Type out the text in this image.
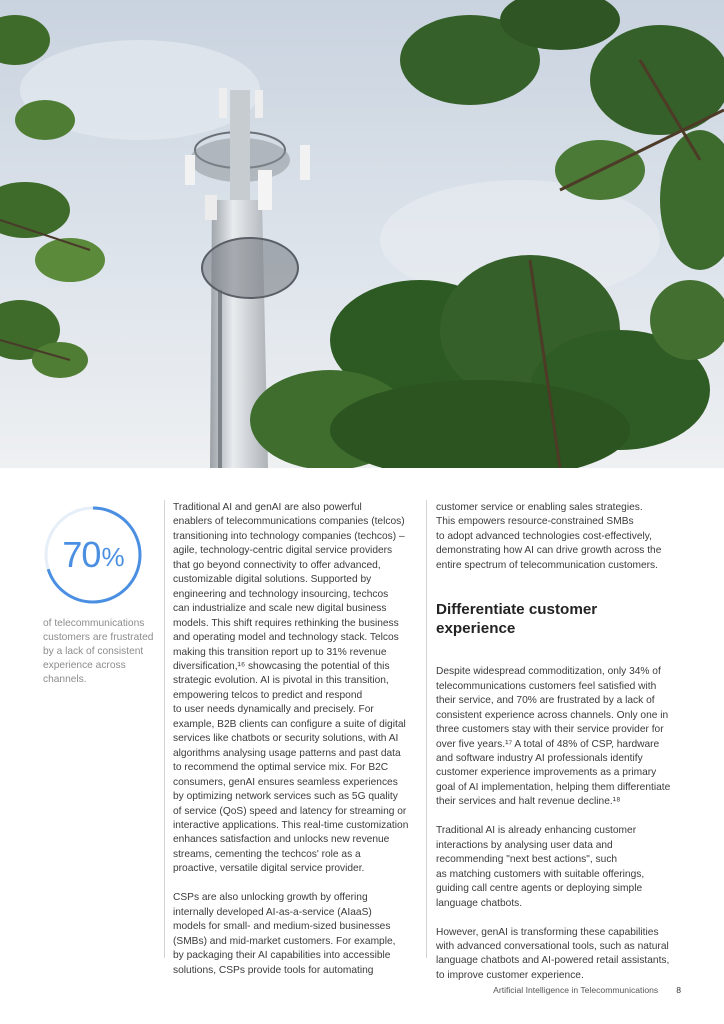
70 %
of telecommunications customers are frustrated by a lack of consistent experience across channels.

Traditional AI and genAI are also powerful
enablers of telecommunications companies (telcos)
transitioning into technology companies (techcos) –
agile, technology-centric digital service providers
that go beyond connectivity to offer advanced,
customizable digital solutions. Supported by
engineering and technology insourcing, techcos
can industrialize and scale new digital business
models. This shift requires rethinking the business
and operating model and technology stack. Telcos
making this transition report up to 31% revenue
diversification,¹⁶ showcasing the potential of this
strategic evolution. AI is pivotal in this transition,
empowering telcos to predict and respond
to user needs dynamically and precisely. For
example, B2B clients can configure a suite of digital
services like chatbots or security solutions, with AI
algorithms analysing usage patterns and past data
to recommend the optimal service mix. For B2C
consumers, genAI ensures seamless experiences
by optimizing network services such as 5G quality
of service (QoS) speed and latency for streaming or
interactive applications. This real-time customization
enhances satisfaction and unlocks new revenue
streams, cementing the techcos' role as a
proactive, versatile digital service provider.

CSPs are also unlocking growth by offering
internally developed AI-as-a-service (AIaaS)
models for small- and medium-sized businesses
(SMBs) and mid-market customers. For example,
by packaging their AI capabilities into accessible
solutions, CSPs provide tools for automating

customer service or enabling sales strategies.
This empowers resource-constrained SMBs
to adopt advanced technologies cost-effectively,
demonstrating how AI can drive growth across the
entire spectrum of telecommunication customers.

Differentiate customer
experience

Despite widespread commoditization, only 34% of
telecommunications customers feel satisfied with
their service, and 70% are frustrated by a lack of
consistent experience across channels. Only one in
three customers stay with their service provider for
over five years.¹⁷ A total of 48% of CSP, hardware
and software industry AI professionals identify
customer experience improvements as a primary
goal of AI implementation, helping them differentiate
their services and halt revenue decline.¹⁸

Traditional AI is already enhancing customer
interactions by analysing user data and
recommending "next best actions", such
as matching customers with suitable offerings,
guiding call centre agents or deploying simple
language chatbots.

However, genAI is transforming these capabilities
with advanced conversational tools, such as natural
language chatbots and AI-powered retail assistants,
to improve customer experience.

Artificial Intelligence in Telecommunications 8
